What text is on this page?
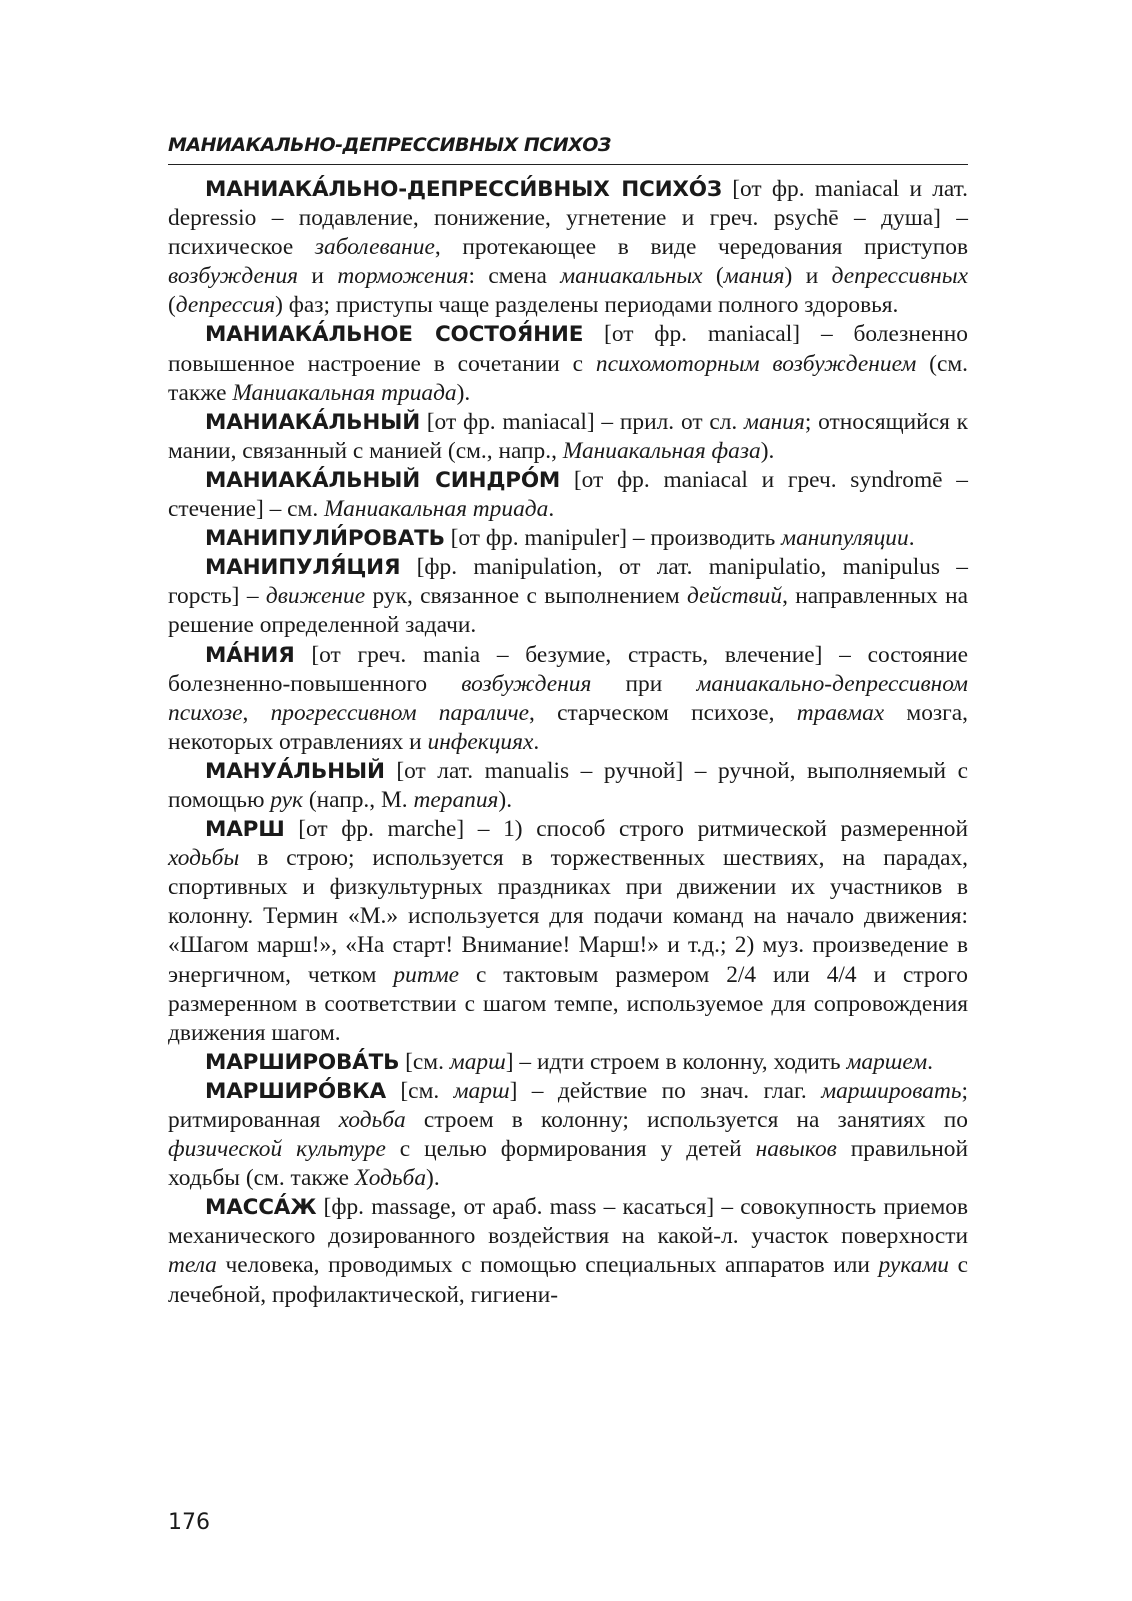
МАНИАКАЛЬНО-ДЕПРЕССИВНЫХ ПСИХОЗ

МАНИАКА́ЛЬНО-ДЕПРЕССИ́ВНЫХ ПСИХО́З [от фр. maniacal и лат. depressio – подавление, понижение, угнетение и греч. psychē – душа] – психическое заболевание, протекающее в виде чередования приступов возбуждения и торможения: смена маниакальных (мания) и депрессивных (депрессия) фаз; приступы чаще разделены периодами полного здоровья.

МАНИАКА́ЛЬНОЕ СОСТОЯ́НИЕ [от фр. maniacal] – болезненно повышенное настроение в сочетании с психомоторным возбуждением (см. также Маниакальная триада).

МАНИАКА́ЛЬНЫЙ [от фр. maniacal] – прил. от сл. мания; относящийся к мании, связанный с манией (см., напр., Маниакальная фаза).

МАНИАКА́ЛЬНЫЙ СИНДРО́М [от фр. maniacal и греч. syndromē – стечение] – см. Маниакальная триада.

МАНИПУЛИ́РОВАТЬ [от фр. manipuler] – производить манипуляции.

МАНИПУЛЯ́ЦИЯ [фр. manipulation, от лат. manipulatio, manipulus – горсть] – движение рук, связанное с выполнением действий, направленных на решение определенной задачи.

МА́НИЯ [от греч. mania – безумие, страсть, влечение] – состояние болезненно-повышенного возбуждения при маниакально-депрессивном психозе, прогрессивном параличе, старческом психозе, травмах мозга, некоторых отравлениях и инфекциях.

МАНУА́ЛЬНЫЙ [от лат. manualis – ручной] – ручной, выполняемый с помощью рук (напр., М. терапия).

МАРШ [от фр. marche] – 1) способ строго ритмической размеренной ходьбы в строю; используется в торжественных шествиях, на парадах, спортивных и физкультурных праздниках при движении их участников в колонну. Термин «М.» используется для подачи команд на начало движения: «Шагом марш!», «На старт! Внимание! Марш!» и т.д.; 2) муз. произведение в энергичном, четком ритме с тактовым размером 2/4 или 4/4 и строго размеренном в соответствии с шагом темпе, используемое для сопровождения движения шагом.

МАРШИРОВА́ТЬ [см. марш] – идти строем в колонну, ходить маршем.

МАРШИРО́ВКА [см. марш] – действие по знач. глаг. маршировать; ритмированная ходьба строем в колонну; используется на занятиях по физической культуре с целью формирования у детей навыков правильной ходьбы (см. также Ходьба).

МАССА́Ж [фр. massage, от араб. mass – касаться] – совокупность приемов механического дозированного воздействия на какой-л. участок поверхности тела человека, проводимых с помощью специальных аппаратов или руками с лечебной, профилактической, гигиени-

176
